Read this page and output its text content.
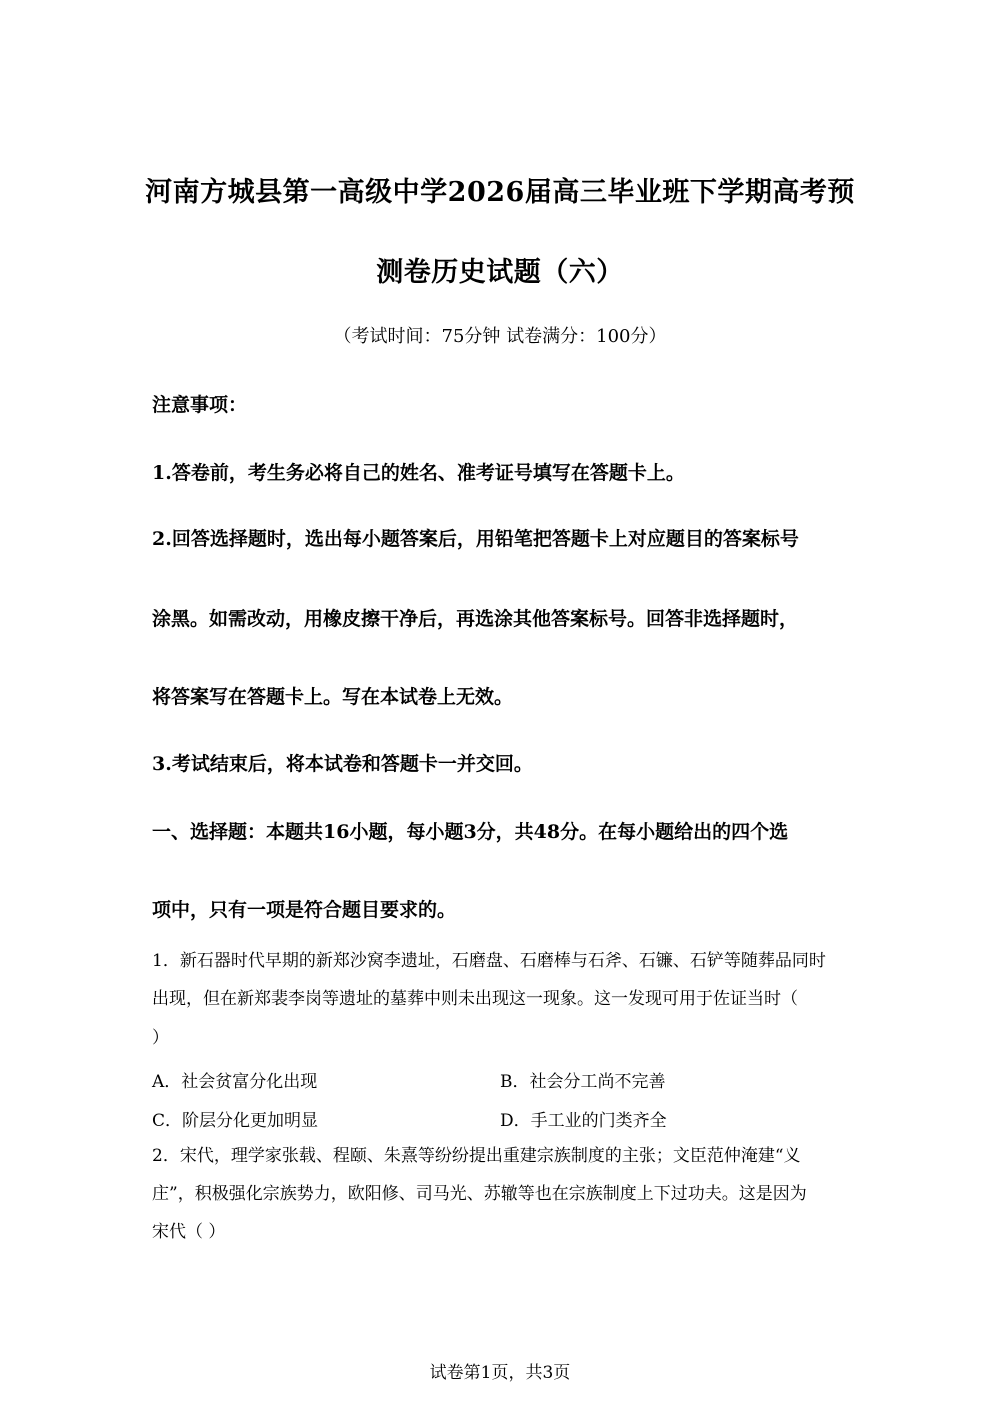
河南方城县第一高级中学2026届高三毕业班下学期高考预
测卷历史试题（六）
（考试时间：75分钟 试卷满分：100分）
注意事项：
1.答卷前，考生务必将自己的姓名、准考证号填写在答题卡上。
2.回答选择题时，选出每小题答案后，用铅笔把答题卡上对应题目的答案标号
涂黑。如需改动，用橡皮擦干净后，再选涂其他答案标号。回答非选择题时，
将答案写在答题卡上。写在本试卷上无效。
3.考试结束后，将本试卷和答题卡一并交回。
一、选择题：本题共16小题，每小题3分，共48分。在每小题给出的四个选
项中，只有一项是符合题目要求的。
1．新石器时代早期的新郑沙窝李遗址，石磨盘、石磨棒与石斧、石镰、石铲等随葬品同时
出现，但在新郑裴李岗等遗址的墓葬中则未出现这一现象。这一发现可用于佐证当时（
）
A．社会贫富分化出现	B．社会分工尚不完善
C．阶层分化更加明显	D．手工业的门类齐全
2．宋代，理学家张载、程颐、朱熹等纷纷提出重建宗族制度的主张；文臣范仲淹建“义
庄”，积极强化宗族势力，欧阳修、司马光、苏辙等也在宗族制度上下过功夫。这是因为
宋代（ ）
试卷第1页，共3页
